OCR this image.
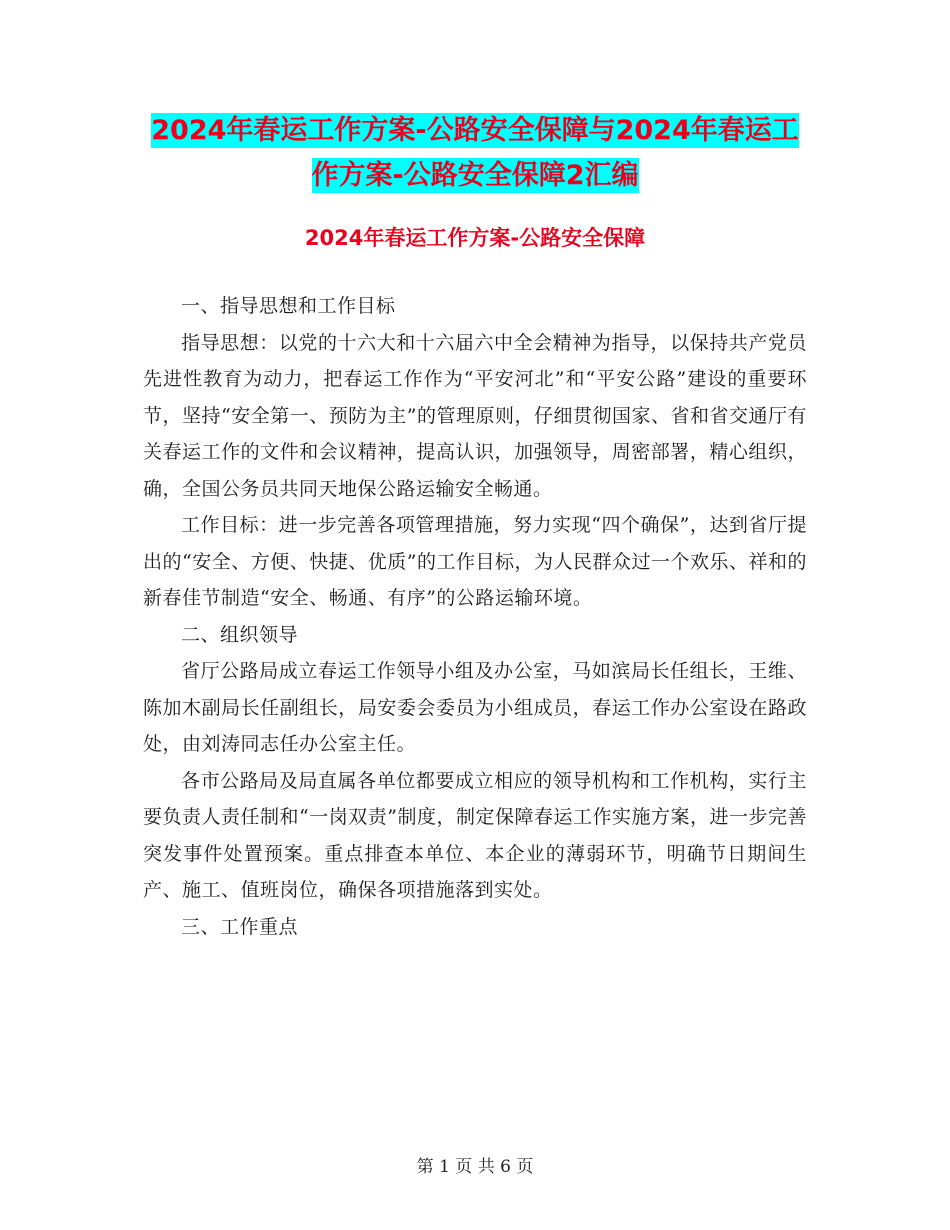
2024年春运工作方案-公路安全保障与2024年春运工
作方案-公路安全保障2汇编
2024年春运工作方案-公路安全保障

一、指导思想和工作目标

指导思想：以党的十六大和十六届六中全会精神为指导，以保持共产党员先进性教育为动力，把春运工作作为“平安河北”和“平安公路”建设的重要环节，坚持“安全第一、预防为主”的管理原则，仔细贯彻国家、省和省交通厅有关春运工作的文件和会议精神，提高认识，加强领导，周密部署，精心组织，确，全国公务员共同天地保公路运输安全畅通。

工作目标：进一步完善各项管理措施，努力实现“四个确保”，达到省厅提出的“安全、方便、快捷、优质”的工作目标，为人民群众过一个欢乐、祥和的新春佳节制造“安全、畅通、有序”的公路运输环境。

二、组织领导

省厅公路局成立春运工作领导小组及办公室，马如滨局长任组长，王维、陈加木副局长任副组长，局安委会委员为小组成员，春运工作办公室设在路政处，由刘涛同志任办公室主任。

各市公路局及局直属各单位都要成立相应的领导机构和工作机构，实行主要负责人责任制和“一岗双责”制度，制定保障春运工作实施方案，进一步完善突发事件处置预案。重点排查本单位、本企业的薄弱环节，明确节日期间生产、施工、值班岗位，确保各项措施落到实处。

三、工作重点

第 1 页 共 6 页
